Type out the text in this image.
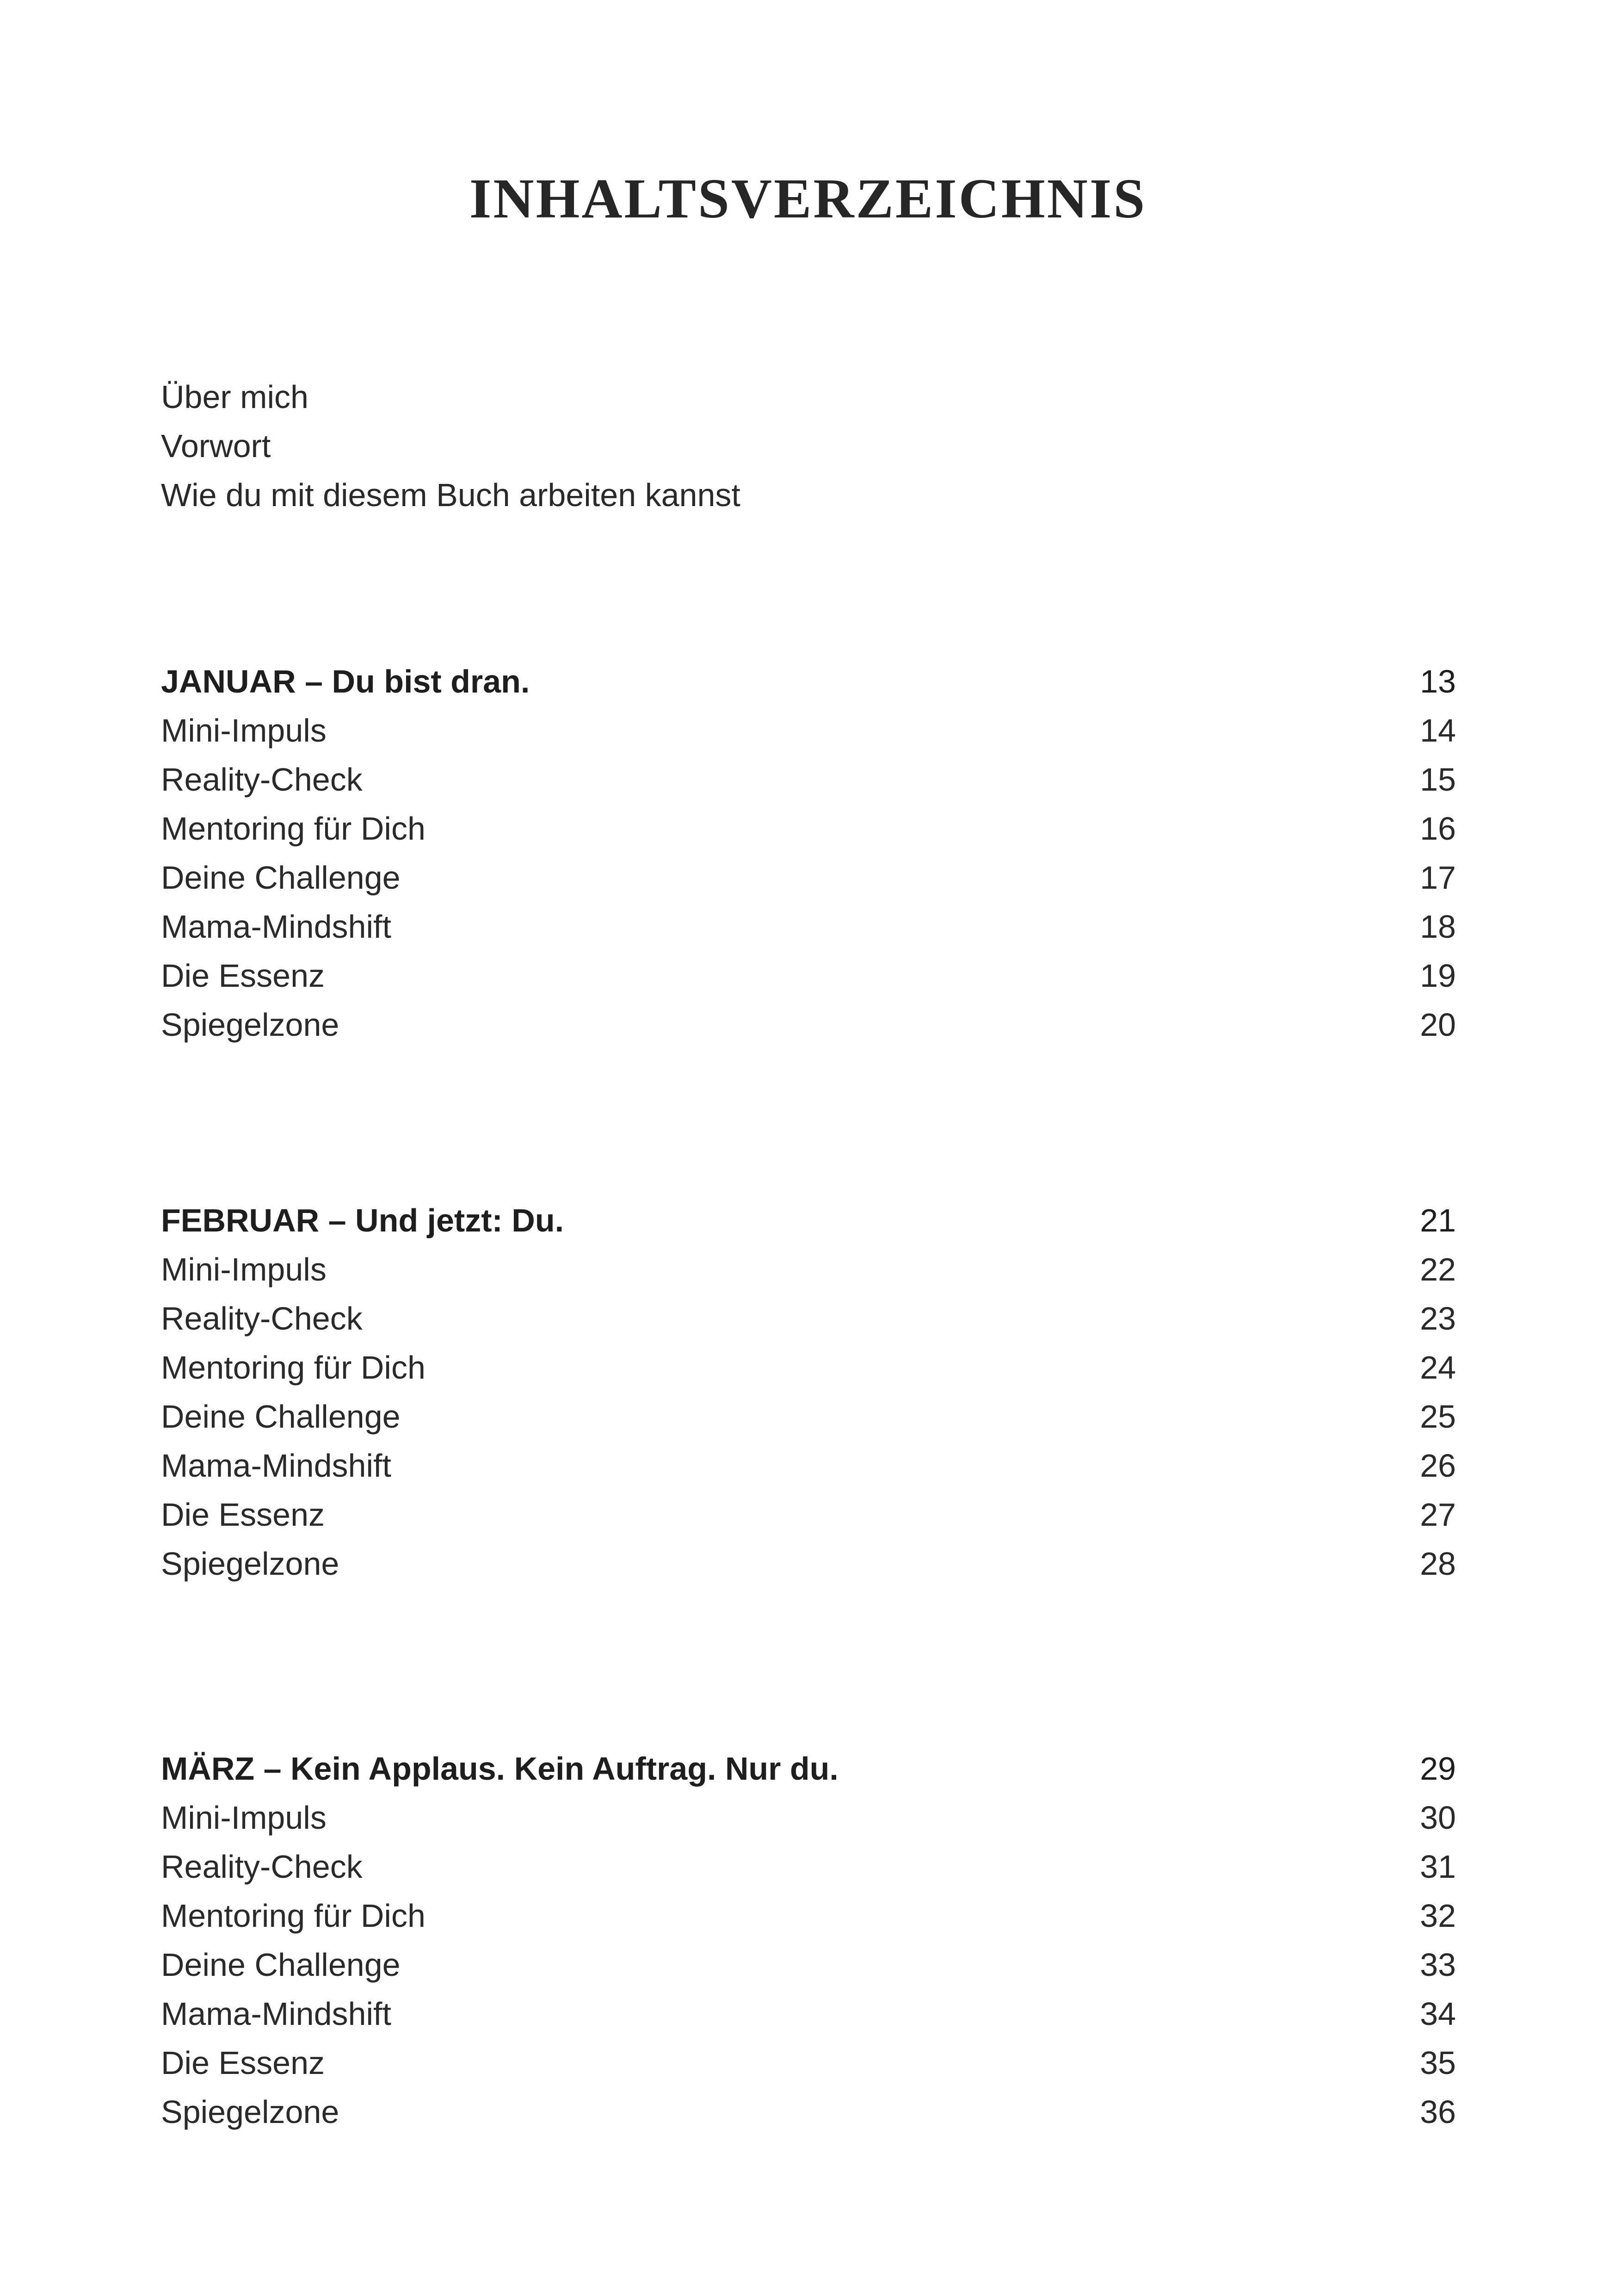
INHALTSVERZEICHNIS
Über mich
Vorwort
Wie du mit diesem Buch arbeiten kannst
JANUAR – Du bist dran.	13
Mini-Impuls	14
Reality-Check	15
Mentoring für Dich	16
Deine Challenge	17
Mama-Mindshift	18
Die Essenz	19
Spiegelzone	20
FEBRUAR – Und jetzt: Du.	21
Mini-Impuls	22
Reality-Check	23
Mentoring für Dich	24
Deine Challenge	25
Mama-Mindshift	26
Die Essenz	27
Spiegelzone	28
MÄRZ – Kein Applaus. Kein Auftrag. Nur du.	29
Mini-Impuls	30
Reality-Check	31
Mentoring für Dich	32
Deine Challenge	33
Mama-Mindshift	34
Die Essenz	35
Spiegelzone	36
